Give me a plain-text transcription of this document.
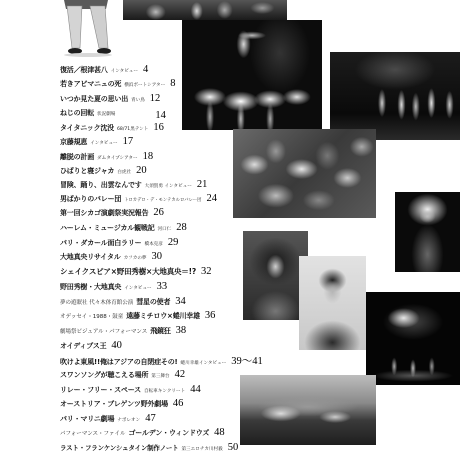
復活／根津甚八 インタビュー 4
若きアビマニュの死 横浜ボートシアター 8
いつか見た夏の思い出 青い鳥 12
ねじの回転 状況劇場	14
タイタニック沈没 68/71黒テント 16
京藤規恵 インタビュー 17
離脱の計画 ダムタイプシアター 18
ひばりと寝ジャカ 白虎社 20
冒険、踊り、出雲なんです 大須賀勇 インタビュー 21
男ばかりのバレー団 トロカデロ・デ・モンテカルロバレー団 24
第一回シカゴ演劇祭実況報告 26
ハーレム・ミュージカル観戦記 河口仁 28
パリ・ダカール面白ラリー 橋本克彦 29
大地真央リサイタル カフカの夢 30
シェイクスピア×野田秀樹×大地真央＝!? 32
野田秀樹・大地真央 インタビュー 33
夢の遊眠社 代々木体育館公演 彗星の使者 34
オデッセイ・1988・鼓童 遠藤ミチロウ×蜷川幸雄 36
劇場祭ビジュアル・パフォーマンス 飛鏡狂 38
オイディプス王 40
吹けよ東風!!俺はアジアの自閉症その! 蜷川幸雄インタビュー 39〜41
スワンソングが聴こえる場所 第三舞台 42
リレー・フリー・スペース 自転車キンクリート 44
オーストリア・ブレゲンツ野外劇場 46
パリ・マリニ劇場 ナポレオン 47
パフォーマンス・ファイル ゴールデン・ウィンドウズ 48
ラスト・フランケンシュタイン制作ノート 第三エロチカ川村毅 50
